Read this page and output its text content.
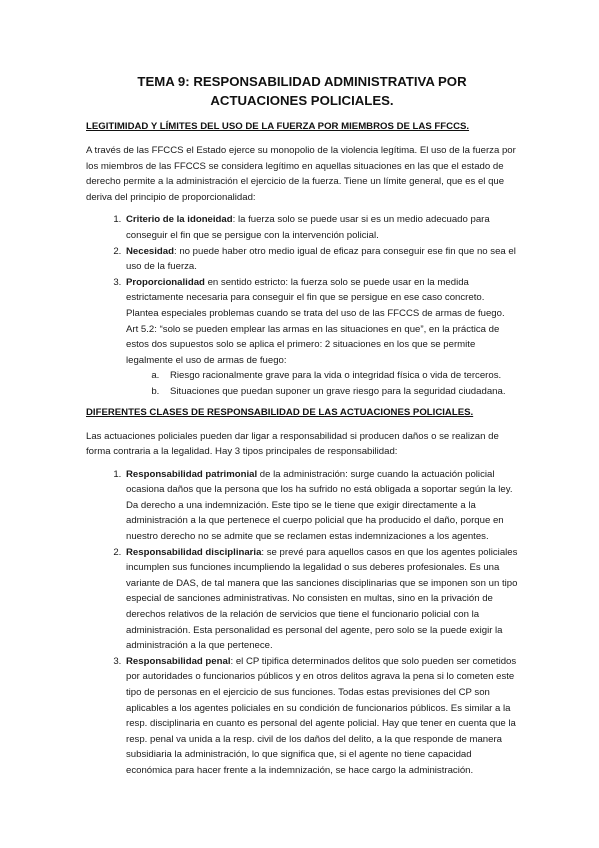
TEMA 9: RESPONSABILIDAD ADMINISTRATIVA POR ACTUACIONES POLICIALES.
LEGITIMIDAD Y LÍMITES DEL USO DE LA FUERZA POR MIEMBROS DE LAS FFCCS.

A través de las FFCCS el Estado ejerce su monopolio de la violencia legítima. El uso de la fuerza por los miembros de las FFCCS se considera legítimo en aquellas situaciones en las que el estado de derecho permite a la administración el ejercicio de la fuerza. Tiene un límite general, que es el que deriva del principio de proporcionalidad:

1. Criterio de la idoneidad: la fuerza solo se puede usar si es un medio adecuado para conseguir el fin que se persigue con la intervención policial.
2. Necesidad: no puede haber otro medio igual de eficaz para conseguir ese fin que no sea el uso de la fuerza.
3. Proporcionalidad en sentido estricto: la fuerza solo se puede usar en la medida estrictamente necesaria para conseguir el fin que se persigue en ese caso concreto. Plantea especiales problemas cuando se trata del uso de las FFCCS de armas de fuego. Art 5.2: “solo se pueden emplear las armas en las situaciones en que”, en la práctica de estos dos supuestos solo se aplica el primero: 2 situaciones en los que se permite legalmente el uso de armas de fuego:
a. Riesgo racionalmente grave para la vida o integridad física o vida de terceros.
b. Situaciones que puedan suponer un grave riesgo para la seguridad ciudadana.
DIFERENTES CLASES DE RESPONSABILIDAD DE LAS ACTUACIONES POLICIALES.

Las actuaciones policiales pueden dar ligar a responsabilidad si producen daños o se realizan de forma contraria a la legalidad. Hay 3 tipos principales de responsabilidad:

1. Responsabilidad patrimonial de la administración: surge cuando la actuación policial ocasiona daños que la persona que los ha sufrido no está obligada a soportar según la ley. Da derecho a una indemnización. Este tipo se le tiene que exigir directamente a la administración a la que pertenece el cuerpo policial que ha producido el daño, porque en nuestro derecho no se admite que se reclamen estas indemnizaciones a los agentes.
2. Responsabilidad disciplinaria: se prevé para aquellos casos en que los agentes policiales incumplen sus funciones incumpliendo la legalidad o sus deberes profesionales. Es una variante de DAS, de tal manera que las sanciones disciplinarias que se imponen son un tipo especial de sanciones administrativas. No consisten en multas, sino en la privación de derechos relativos de la relación de servicios que tiene el funcionario policial con la administración. Esta personalidad es personal del agente, pero solo se la puede exigir la administración a la que pertenece.
3. Responsabilidad penal: el CP tipifica determinados delitos que solo pueden ser cometidos por autoridades o funcionarios públicos y en otros delitos agrava la pena si lo cometen este tipo de personas en el ejercicio de sus funciones. Todas estas previsiones del CP son aplicables a los agentes policiales en su condición de funcionarios públicos. Es similar a la resp. disciplinaria en cuanto es personal del agente policial. Hay que tener en cuenta que la resp. penal va unida a la resp. civil de los daños del delito, a la que responde de manera subsidiaria la administración, lo que significa que, si el agente no tiene capacidad económica para hacer frente a la indemnización, se hace cargo la administración.
